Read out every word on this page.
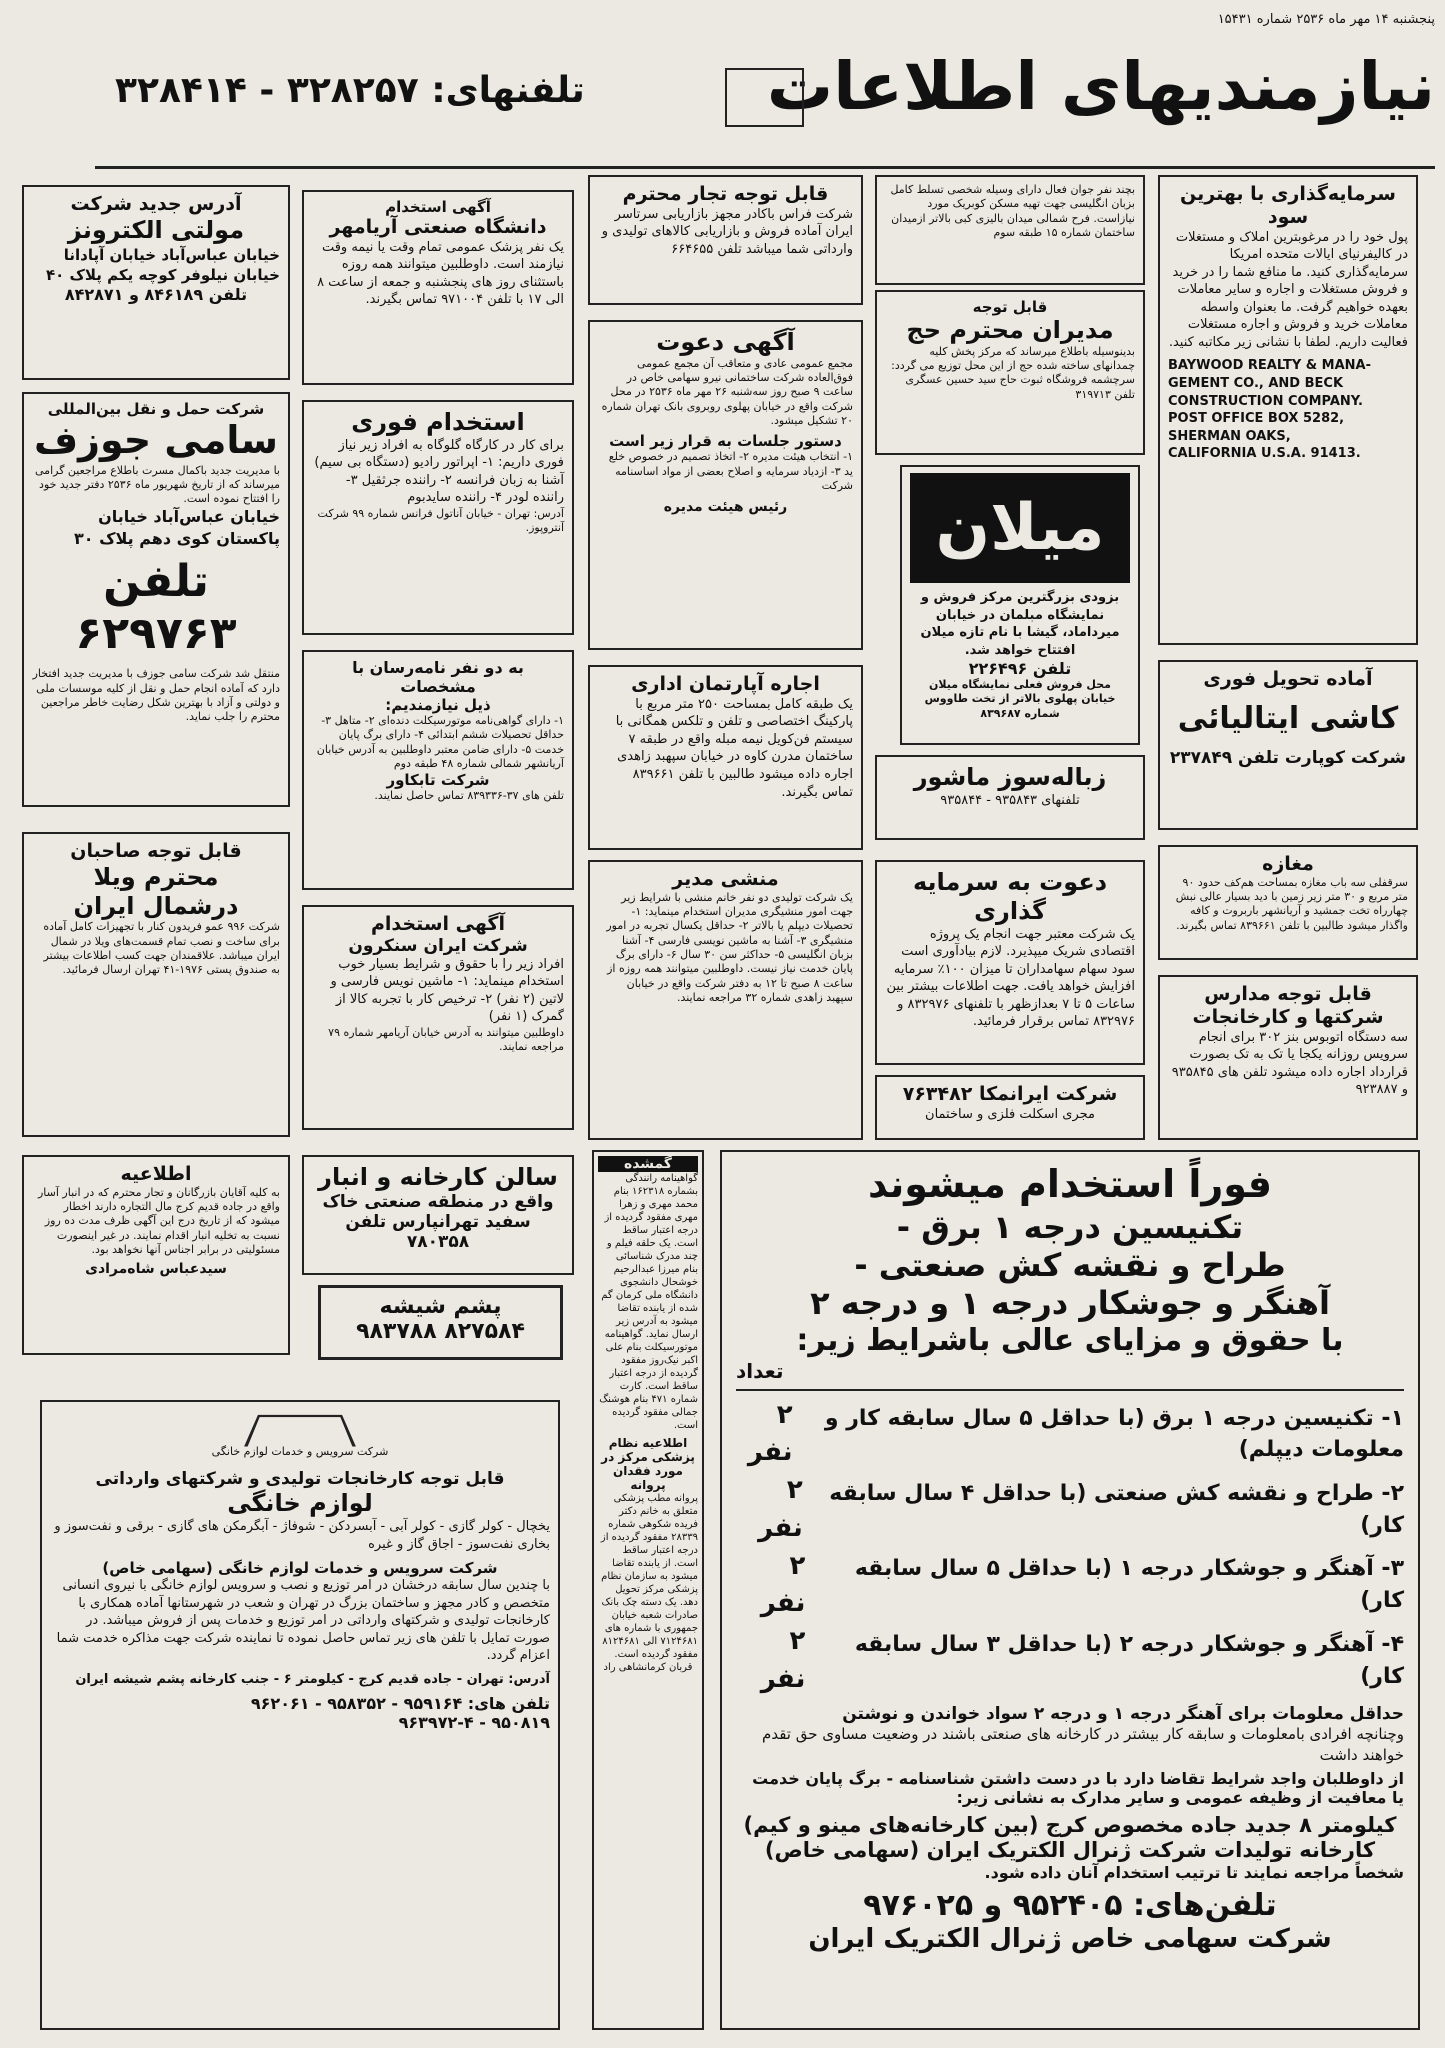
پنجشنبه ۱۴ مهر ماه ۲۵۳۶ شماره ۱۵۴۳۱
نیازمندیهای اطلاعات
تلفنهای: ۳۲۸۲۵۷ - ۳۲۸۴۱۴
سرمایه‌گذاری با بهترین سود
پول خود را در مرغوبترین املاک و مستغلات در کالیفرنیای ایالات متحده امریکا سرمایه‌گذاری کنید. ما منافع شما را در خرید و فروش مستغلات و اجاره و سایر معاملات بعهده خواهیم گرفت. ما بعنوان واسطه معاملات خرید و فروش و اجاره مستغلات فعالیت داریم. لطفا با نشانی زیر مکاتبه کنید.
BAYWOOD REALTY & MANA-
GEMENT CO., AND BECK
CONSTRUCTION COMPANY.
POST OFFICE BOX 5282,
SHERMAN OAKS,
CALIFORNIA U.S.A. 91413.
آماده تحویل فوری
کاشی ایتالیائی
شرکت کوپارت تلفن ۲۳۷۸۴۹
مغازه
سرقفلی سه باب مغازه بمساحت هم‌کف حدود ۹۰ متر مربع و ۳۰ متر زیر زمین با دید بسیار عالی نبش چهارراه تخت جمشید و آریانشهر باربروت و کافه واگذار میشود طالبین با تلفن ۸۳۹۶۶۱ تماس بگیرند.
قابل توجه مدارس شرکتها و کارخانجات
سه دستگاه اتوبوس بنز ۳۰۲ برای انجام سرویس روزانه یکجا یا تک به تک بصورت قرارداد اجاره داده میشود تلفن های ۹۳۵۸۴۵ و ۹۲۳۸۸۷
بچند نفر جوان فعال دارای وسیله شخصی تسلط کامل بزبان انگلیسی جهت تهیه مسکن کوبریک مورد نیازاست. فرح شمالی میدان بالیزی کبی بالاتر ازمیدان ساختمان شماره ۱۵ طبقه سوم
قابل توجه
مدیران محترم حج
بدینوسیله باطلاع میرساند که مرکز پخش کلیه چمدانهای ساخته شده حج از این محل توزیع می گردد: سرچشمه فروشگاه ثبوت حاج سید حسین عسگری تلفن ۳۱۹۷۱۳
میلان
بزودی بزرگترین مرکز فروش و نمایشگاه مبلمان در خیابان میرداماد، گیشا با نام تازه میلان افتتاح خواهد شد.
تلفن ۲۲۶۴۹۶
محل فروش فعلی نمایشگاه میلان خیابان پهلوی بالاتر از تخت طاووس شماره ۸۳۹۶۸۷
زباله‌سوز ماشور
تلفنهای ۹۳۵۸۴۳ - ۹۳۵۸۴۴
دعوت به سرمایه گذاری
یک شرکت معتبر جهت انجام یک پروژه اقتصادی شریک میپذیرد. لازم بیادآوری است سود سهام سهامداران تا میزان ۱۰۰٪ سرمایه افزایش خواهد یافت. جهت اطلاعات بیشتر بین ساعات ۵ تا ۷ بعدازظهر با تلفنهای ۸۳۲۹۷۶ و ۸۳۲۹۷۶ تماس برقرار فرمائید.
شرکت ایرانمکا ۷۶۳۴۸۲
مجری اسکلت فلزی و ساختمان
قابل توجه تجار محترم
شرکت فراس باکادر مجهز بازاریابی سرتاسر ایران آماده فروش و بازاریابی کالاهای تولیدی و وارداتی شما میباشد تلفن ۶۶۴۶۵۵
آگهی دعوت
مجمع عمومی عادی و متعاقب آن مجمع عمومی فوق‌العاده شرکت ساختمانی نیرو سهامی خاص در ساعت ۹ صبح روز سه‌شنبه ۲۶ مهر ماه ۲۵۳۶ در محل شرکت واقع در خیابان پهلوی روبروی بانک تهران شماره ۲۰ تشکیل میشود.
دستور جلسات به قرار زیر است
۱- انتخاب هیئت مدیره ۲- اتخاذ تصمیم در خصوص خلع ید ۳- ازدیاد سرمایه و اصلاح بعضی از مواد اساسنامه شرکت
رئیس هیئت مدیره
اجاره آپارتمان اداری
یک طبقه کامل بمساحت ۲۵۰ متر مربع با پارکینگ اختصاصی و تلفن و تلکس همگانی با سیستم فن‌کویل نیمه مبله واقع در طبقه ۷ ساختمان مدرن کاوه در خیابان سپهبد زاهدی اجاره داده میشود طالبین با تلفن ۸۳۹۶۶۱ تماس بگیرند.
منشی مدیر
یک شرکت تولیدی دو نفر خانم منشی با شرایط زیر جهت امور منشیگری مدیران استخدام مینماید: ۱- تحصیلات دیپلم یا بالاتر ۲- حداقل یکسال تجربه در امور منشیگری ۳- آشنا به ماشین نویسی فارسی ۴- آشنا بزبان انگلیسی ۵- حداکثر سن ۳۰ سال ۶- دارای برگ پایان خدمت نیاز نیست. داوطلبین میتوانند همه روزه از ساعت ۸ صبح تا ۱۲ به دفتر شرکت واقع در خیابان سپهبد زاهدی شماره ۳۲ مراجعه نمایند.
آگهی استخدام
دانشگاه صنعتی آریامهر
یک نفر پزشک عمومی تمام وقت یا نیمه وقت نیازمند است. داوطلبین میتوانند همه روزه باستثنای روز های پنجشنبه و جمعه از ساعت ۸ الی ۱۷ با تلفن ۹۷۱۰۰۴ تماس بگیرند.
استخدام فوری
برای کار در کارگاه گلوگاه به افراد زیر نیاز فوری داریم: ۱- اپراتور رادیو (دستگاه بی سیم) آشنا به زبان فرانسه ۲- راننده جرثقیل ۳- راننده لودر ۴- راننده سایدبوم
آدرس: تهران - خیابان آناتول فرانس شماره ۹۹ شرکت آنتروپوز.
به دو نفر نامه‌رسان با مشخصات
ذیل نیازمندیم:
۱- دارای گواهی‌نامه موتورسیکلت دنده‌ای ۲- متاهل ۳- حداقل تحصیلات ششم ابتدائی ۴- دارای برگ پایان خدمت ۵- دارای ضامن معتبر داوطلبین به آدرس خیابان آریانشهر شمالی شماره ۴۸ طبقه دوم
شرکت تابکاور
تلفن های ۳۷-۸۳۹۳۳۶ تماس حاصل نمایند.
آگهی استخدام
شرکت ایران سنکرون
افراد زیر را با حقوق و شرایط بسیار خوب استخدام مینماید: ۱- ماشین نویس فارسی و لاتین (۲ نفر) ۲- ترخیص کار با تجربه کالا از گمرک (۱ نفر)
داوطلبین میتوانند به آدرس خیابان آریامهر شماره ۷۹ مراجعه نمایند.
آدرس جدید شرکت
مولتی الکترونز
خیابان عباس‌آباد خیابان آپادانا خیابان نیلوفر کوچه یکم پلاک ۴۰
تلفن ۸۴۶۱۸۹ و ۸۴۲۸۷۱
شرکت حمل و نقل بین‌المللی
سامی جوزف
با مدیریت جدید باکمال مسرت باطلاع مراجعین گرامی میرساند که از تاریخ شهریور ماه ۲۵۳۶ دفتر جدید خود را افتتاح نموده است.
خیابان عباس‌آباد خیابان پاکستان کوی دهم پلاک ۳۰
تلفن ۶۲۹۷۶۳
منتقل شد شرکت سامی جوزف با مدیریت جدید افتخار دارد که آماده انجام حمل و نقل از کلیه موسسات ملی و دولتی و آزاد با بهترین شکل رضایت خاطر مراجعین محترم را جلب نماید.
قابل توجه صاحبان
محترم ویلا
درشمال ایران
شرکت ۹۹۶ عمو فریدون کنار با تجهیزات کامل آماده برای ساخت و نصب تمام قسمت‌های ویلا در شمال ایران میباشد. علاقمندان جهت کسب اطلاعات بیشتر به صندوق پستی ۱۹۷۶-۴۱ تهران ارسال فرمائید.
اطلاعیه
به کلیه آقایان بازرگانان و تجار محترم که در انبار آسار واقع در جاده قدیم کرج مال التجاره دارند اخطار میشود که از تاریخ درج این آگهی ظرف مدت ده روز نسبت به تخلیه انبار اقدام نمایند. در غیر اینصورت مسئولیتی در برابر اجناس آنها نخواهد بود.
سیدعباس شاه‌مرادی
سالن کارخانه و انبار
واقع در منطقه صنعتی خاک سفید تهرانپارس تلفن ۷۸۰۳۵۸
پشم شیشه
۸۲۷۵۸۴ ۹۸۳۷۸۸
شرکت سرویس و خدمات لوازم خانگی
قابل توجه کارخانجات تولیدی و شرکتهای وارداتی
لوازم خانگی
یخچال - کولر گازی - کولر آبی - آبسردکن - شوفاژ - آبگرمکن های گازی - برقی و نفت‌سوز و بخاری نفت‌سوز - اجاق گاز و غیره
شرکت سرویس و خدمات لوازم خانگی (سهامی خاص)
با چندین سال سابقه درخشان در امر توزیع و نصب و سرویس لوازم خانگی با نیروی انسانی متخصص و کادر مجهز و ساختمان بزرگ در تهران و شعب در شهرستانها آماده همکاری با کارخانجات تولیدی و شرکتهای وارداتی در امر توزیع و خدمات پس از فروش میباشد. در صورت تمایل با تلفن های زیر تماس حاصل نموده تا نماینده شرکت جهت مذاکره خدمت شما اعزام گردد.
آدرس: تهران - جاده قدیم کرج - کیلومتر ۶ - جنب کارخانه پشم شیشه ایران
تلفن های: ۹۵۹۱۶۴ - ۹۵۸۳۵۲ - ۹۶۲۰۶۱
۹۵۰۸۱۹ - ۹۶۳۹۷۲-۴
گمشده
گواهینامه رانندگی بشماره ۱۶۲۳۱۸ بنام محمد مهری و زهرا مهری مفقود گردیده از درجه اعتبار ساقط است. یک حلقه فیلم و چند مدرک شناسائی بنام میرزا عبدالرحیم خوشحال دانشجوی دانشگاه ملی کرمان گم شده از یابنده تقاضا میشود به آدرس زیر ارسال نماید. گواهینامه موتورسیکلت بنام علی اکبر نیک‌روز مفقود گردیده از درجه اعتبار ساقط است. کارت شماره ۴۷۱ بنام هوشنگ جمالی مفقود گردیده است.
اطلاعیه نظام پزشکی مرکز در مورد فقدان پروانه
پروانه مطب پزشکی متعلق به خانم دکتر فریده شکوهی شماره ۲۸۳۳۹ مفقود گردیده از درجه اعتبار ساقط است. از یابنده تقاضا میشود به سازمان نظام پزشکی مرکز تحویل دهد. یک دسته چک بانک صادرات شعبه خیابان جمهوری با شماره های ۷۱۲۴۶۸۱ الی ۸۱۲۴۶۸۱ مفقود گردیده است.
قربان کرمانشاهی راد
فوراً استخدام میشوند
تکنیسین درجه ۱ برق -
طراح و نقشه کش صنعتی -
آهنگر و جوشکار درجه ۱ و درجه ۲
با حقوق و مزایای عالی باشرایط زیر:
تعداد
۱- تکنیسین درجه ۱ برق (با حداقل ۵ سال سابقه کار و معلومات دیپلم)
۲ نفر
۲- طراح و نقشه کش صنعتی (با حداقل ۴ سال سابقه کار)
۲ نفر
۳- آهنگر و جوشکار درجه ۱ (با حداقل ۵ سال سابقه کار)
۲ نفر
۴- آهنگر و جوشکار درجه ۲ (با حداقل ۳ سال سابقه کار)
۲ نفر
حداقل معلومات برای آهنگر درجه ۱ و درجه ۲ سواد خواندن و نوشتن
وچنانچه افرادی بامعلومات و سابقه کار بیشتر در کارخانه های صنعتی باشند در وضعیت مساوی حق تقدم خواهند داشت
از داوطلبان واجد شرایط تقاضا دارد با در دست داشتن شناسنامه - برگ پایان خدمت یا معافیت از وظیفه عمومی و سایر مدارک به نشانی زیر:
کیلومتر ۸ جدید جاده مخصوص کرج (بین کارخانه‌های مینو و کیم)
کارخانه تولیدات شرکت ژنرال الکتریک ایران (سهامی خاص)
شخصاً مراجعه نمایند تا ترتیب استخدام آنان داده شود.
تلفن‌های: ۹۵۲۴۰۵ و ۹۷۶۰۲۵
شرکت سهامی خاص ژنرال الکتریک ایران
